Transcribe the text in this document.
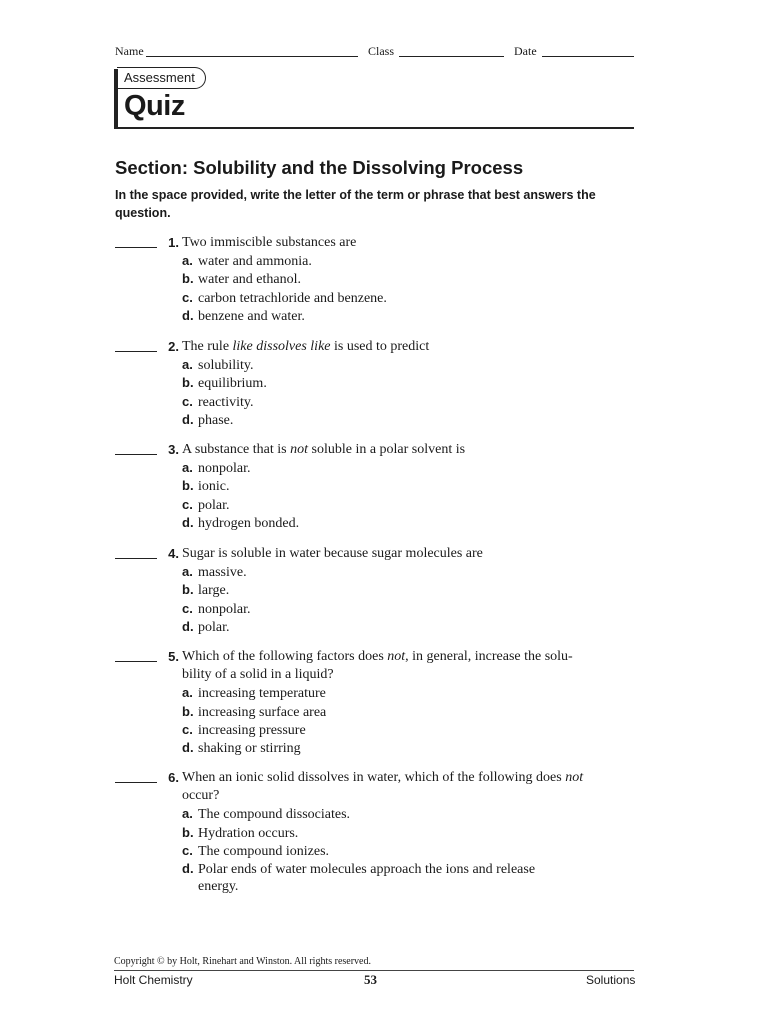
Name	Class	Date
Assessment
Quiz
Section: Solubility and the Dissolving Process
In the space provided, write the letter of the term or phrase that best answers the question.
1. Two immiscible substances are
a. water and ammonia.
b. water and ethanol.
c. carbon tetrachloride and benzene.
d. benzene and water.
2. The rule like dissolves like is used to predict
a. solubility.
b. equilibrium.
c. reactivity.
d. phase.
3. A substance that is not soluble in a polar solvent is
a. nonpolar.
b. ionic.
c. polar.
d. hydrogen bonded.
4. Sugar is soluble in water because sugar molecules are
a. massive.
b. large.
c. nonpolar.
d. polar.
5. Which of the following factors does not, in general, increase the solu-
bility of a solid in a liquid?
a. increasing temperature
b. increasing surface area
c. increasing pressure
d. shaking or stirring
6. When an ionic solid dissolves in water, which of the following does not
occur?
a. The compound dissociates.
b. Hydration occurs.
c. The compound ionizes.
d. Polar ends of water molecules approach the ions and release
energy.
Copyright © by Holt, Rinehart and Winston. All rights reserved.
Holt Chemistry	53	Solutions
